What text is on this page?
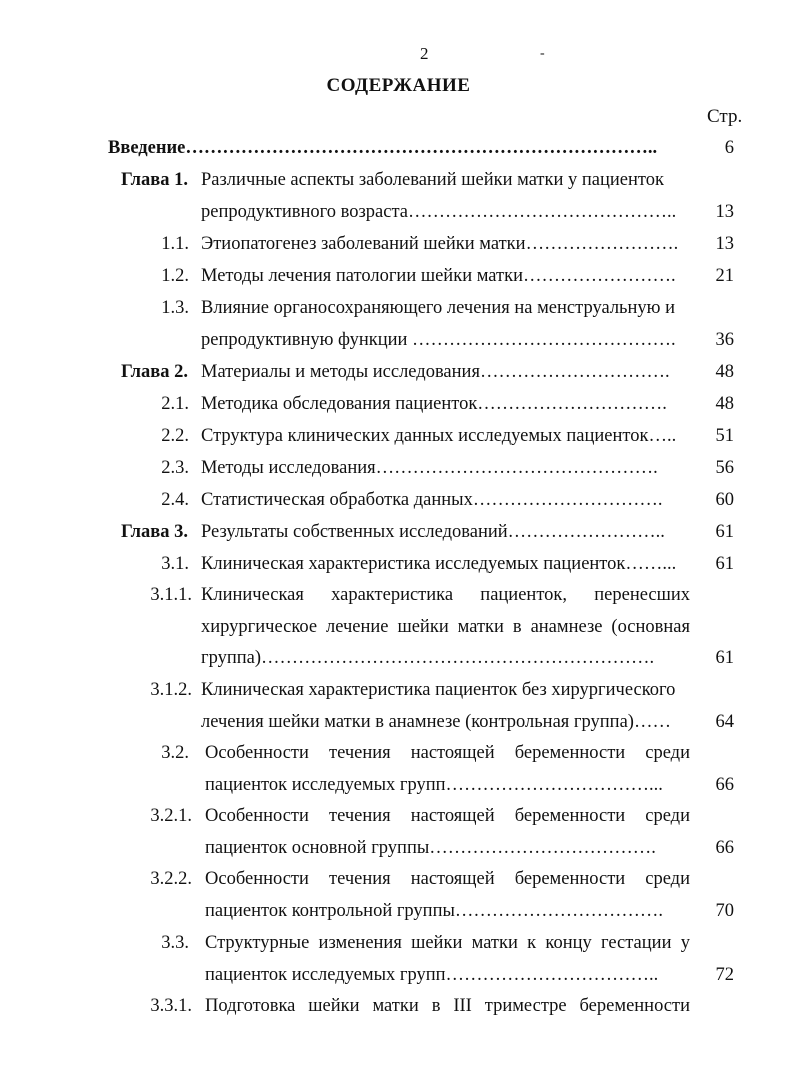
2	-
СОДЕРЖАНИЕ
Стр.
Введение…………………………………………………………………..	6
Глава 1. Различные аспекты заболеваний шейки матки у пациенток
репродуктивного возраста……………………………………..	13
1.1. Этиопатогенез заболеваний шейки матки…………………….	13
1.2. Методы лечения патологии шейки матки…………………….	21
1.3. Влияние органосохраняющего лечения на менструальную и
репродуктивную функции …………………………………….	36
Глава 2. Материалы и методы исследования………………………….	48
2.1. Методика обследования пациенток………………………….	48
2.2. Структура клинических данных исследуемых пациенток…..	51
2.3. Методы исследования……………………………………….	56
2.4. Статистическая обработка данных………………………….	60
Глава 3. Результаты собственных исследований……………………..	61
3.1. Клиническая характеристика исследуемых пациенток……...	61
3.1.1. Клиническая характеристика пациенток, перенесших
хирургическое лечение шейки матки в анамнезе (основная
группа)……………………………………………………….	61
3.1.2. Клиническая характеристика пациенток без хирургического
лечения шейки матки в анамнезе (контрольная группа)……	64
3.2. Особенности течения настоящей беременности среди
пациенток исследуемых групп……………………………...	66
3.2.1. Особенности течения настоящей беременности среди
пациенток основной группы……………………………….	66
3.2.2. Особенности течения настоящей беременности среди
пациенток контрольной группы…………………………….	70
3.3. Структурные изменения шейки матки к концу гестации у
пациенток исследуемых групп……………………………..	72
3.3.1. Подготовка шейки матки в III триместре беременности
